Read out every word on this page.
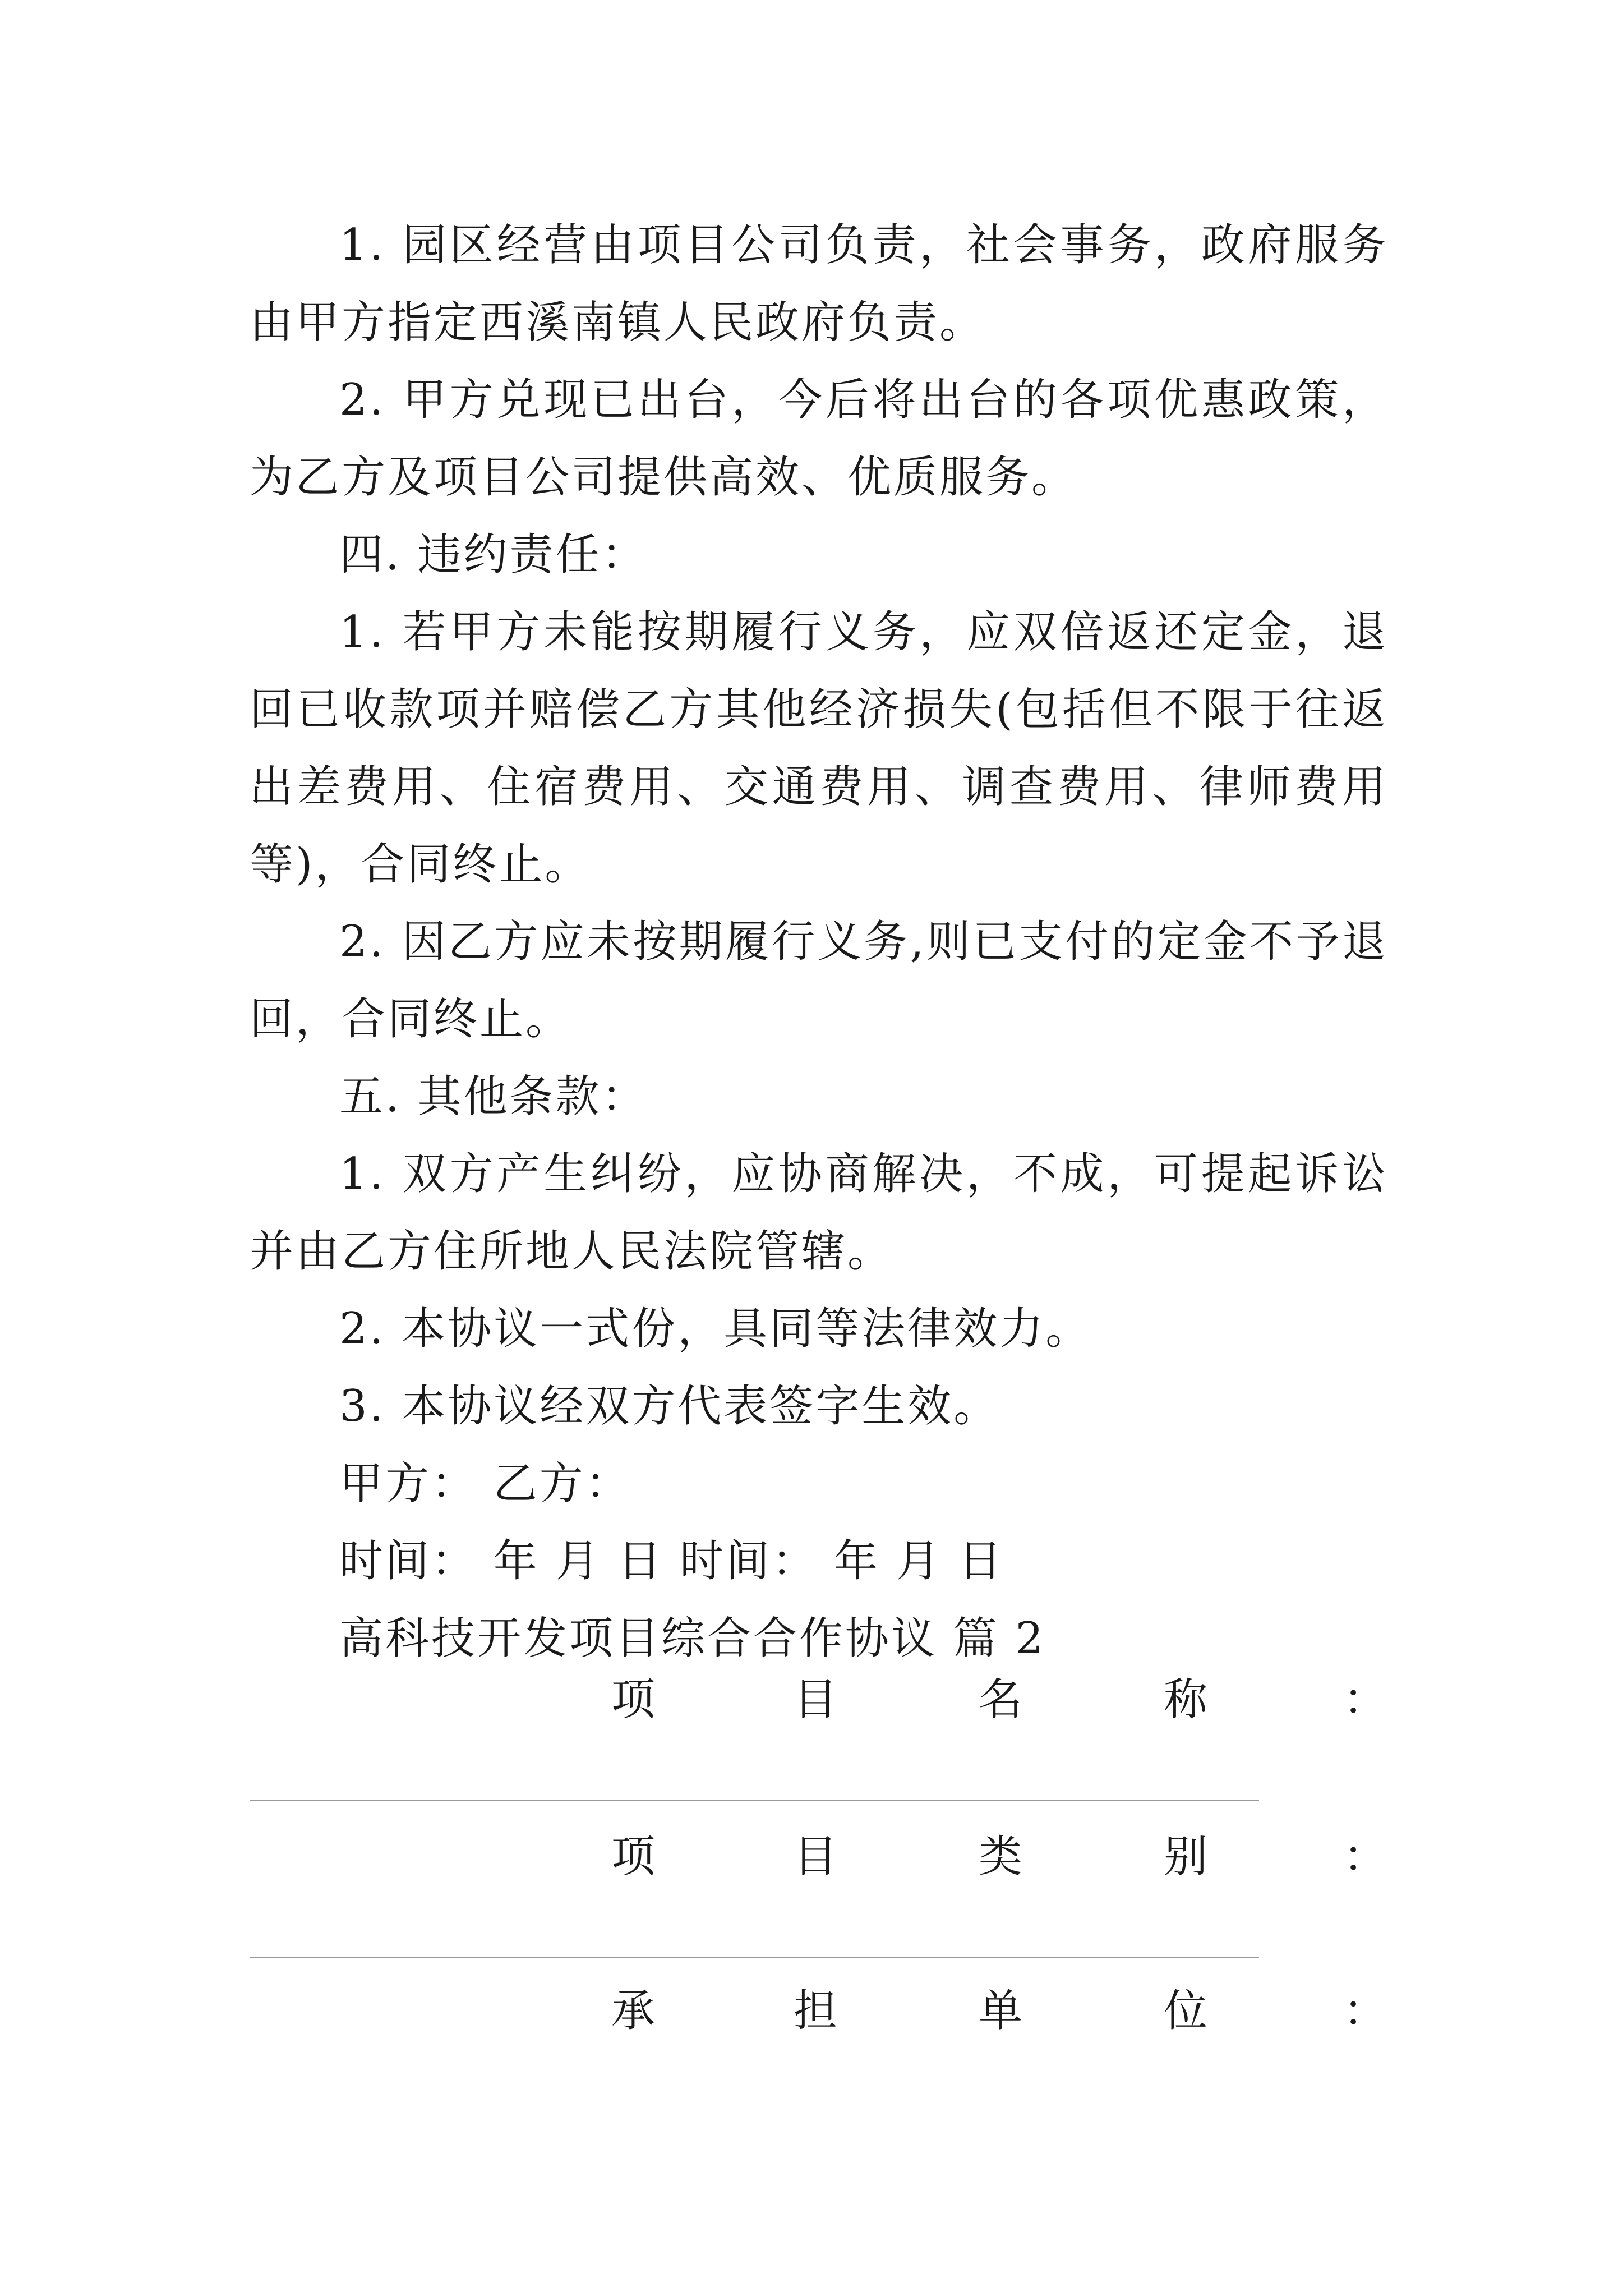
1. 园区经营由项目公司负责，社会事务，政府服务由甲方指定西溪南镇人民政府负责。

2. 甲方兑现已出台，今后将出台的各项优惠政策，为乙方及项目公司提供高效、优质服务。

四. 违约责任：

1. 若甲方未能按期履行义务，应双倍返还定金，退回已收款项并赔偿乙方其他经济损失(包括但不限于往返出差费用、住宿费用、交通费用、调查费用、律师费用等)，合同终止。

2. 因乙方应未按期履行义务,则已支付的定金不予退回，合同终止。

五. 其他条款：

1. 双方产生纠纷，应协商解决，不成，可提起诉讼并由乙方住所地人民法院管辖。

2. 本协议一式份，具同等法律效力。

3. 本协议经双方代表签字生效。

甲方： 乙方：

时间： 年 月 日 时间： 年 月 日

高科技开发项目综合合作协议 篇 2

项	目	名	称	：
项	目	类	别	：
承	担	单	位	：
